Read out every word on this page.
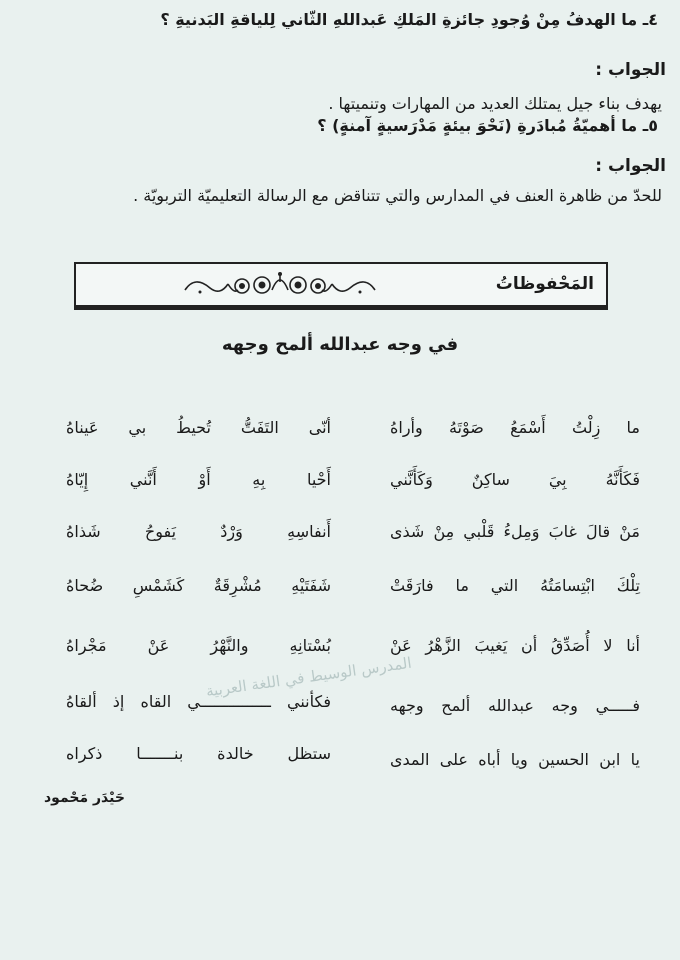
٤ـ ما الهدفُ مِنْ وُجودِ جائزةِ المَلكِ عَبداللهِ الثّاني لِلياقةِ البَدنيةِ ؟
الجواب :
يهدف بناء جيل يمتلك العديد من المهارات وتنميتها .
٥ـ ما أهميّةُ مُبادَرةِ (نَحْوَ بيئةٍ مَدْرَسيةٍ آمنةٍ) ؟
الجواب :
للحدّ من ظاهرة العنف في المدارس والتي تتناقض مع الرسالة التعليميّة التربويّة .
المَحْفوظاتُ
في وجه عبدالله ألمح وجهه
ما زِلْتُ أَسْمَعُ صَوْتَهُ وأراهُ
أنّى التَفَتُّ تُحيطُ بي عَيناهُ
فَكَأَنَّهُ بِيَ ساكِنٌ وَكَأَنَّني
أَحْيا بِهِ أَوْ أَنَّني إِيّاهُ
مَنْ قالَ غابَ وَمِلءُ قَلْبي مِنْ شَذى
أَنفاسِهِ وَرْدٌ يَفوحُ شَذاهُ
تِلْكَ ابْتِسامَتُهُ التي ما فارَقَتْ
شَفَتَيْهِ مُشْرِقَةٌ كَشَمْسِ ضُحاهُ
أنا لا أُصَدِّقُ أن يَغيبَ الزَّهْرُ عَنْ
بُسْتانِهِ والنَّهْرُ عَنْ مَجْراهُ
فـــــي وجه عبدالله ألمح وجهه
فكأنني ـــــــــــــــي القاه إذ ألقاهُ
يا ابن الحسين ويا أباه على المدى
ستظل خالدة بنـــــــا ذكراه
المدرس الوسيط في اللغة العربية
حَيْدَر مَحْمود
